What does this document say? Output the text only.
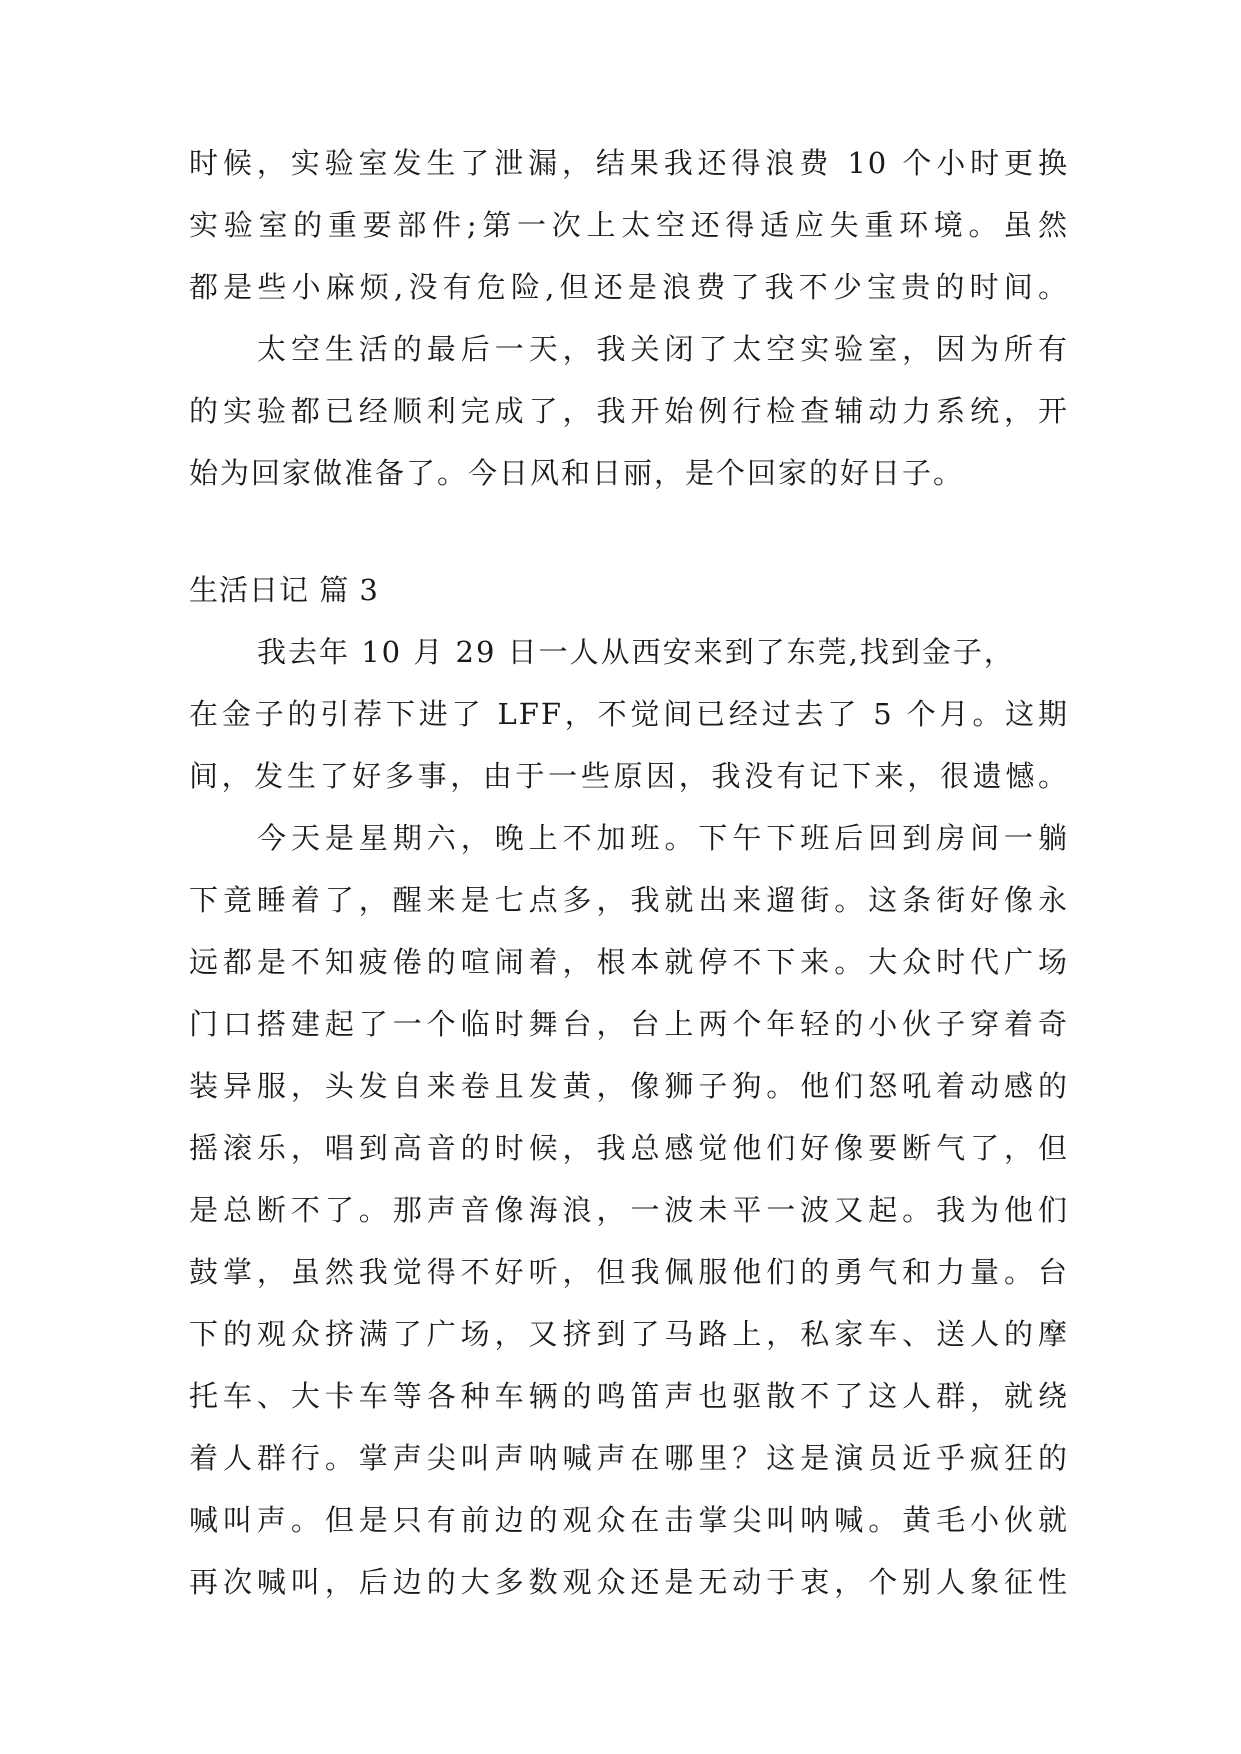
时候，实验室发生了泄漏，结果我还得浪费 10 个小时更换
实验室的重要部件;第一次上太空还得适应失重环境。虽然
都是些小麻烦,没有危险,但还是浪费了我不少宝贵的时间。
太空生活的最后一天，我关闭了太空实验室，因为所有
的实验都已经顺利完成了，我开始例行检查辅动力系统，开
始为回家做准备了。今日风和日丽，是个回家的好日子。
生活日记 篇 3
我去年 10 月 29 日一人从西安来到了东莞,找到金子，
在金子的引荐下进了 LFF，不觉间已经过去了 5 个月。这期
间，发生了好多事，由于一些原因，我没有记下来，很遗憾。
今天是星期六，晚上不加班。下午下班后回到房间一躺
下竟睡着了，醒来是七点多，我就出来遛街。这条街好像永
远都是不知疲倦的喧闹着，根本就停不下来。大众时代广场
门口搭建起了一个临时舞台，台上两个年轻的小伙子穿着奇
装异服，头发自来卷且发黄，像狮子狗。他们怒吼着动感的
摇滚乐，唱到高音的时候，我总感觉他们好像要断气了，但
是总断不了。那声音像海浪，一波未平一波又起。我为他们
鼓掌，虽然我觉得不好听，但我佩服他们的勇气和力量。台
下的观众挤满了广场，又挤到了马路上，私家车、送人的摩
托车、大卡车等各种车辆的鸣笛声也驱散不了这人群，就绕
着人群行。掌声尖叫声呐喊声在哪里？这是演员近乎疯狂的
喊叫声。但是只有前边的观众在击掌尖叫呐喊。黄毛小伙就
再次喊叫，后边的大多数观众还是无动于衷，个别人象征性
